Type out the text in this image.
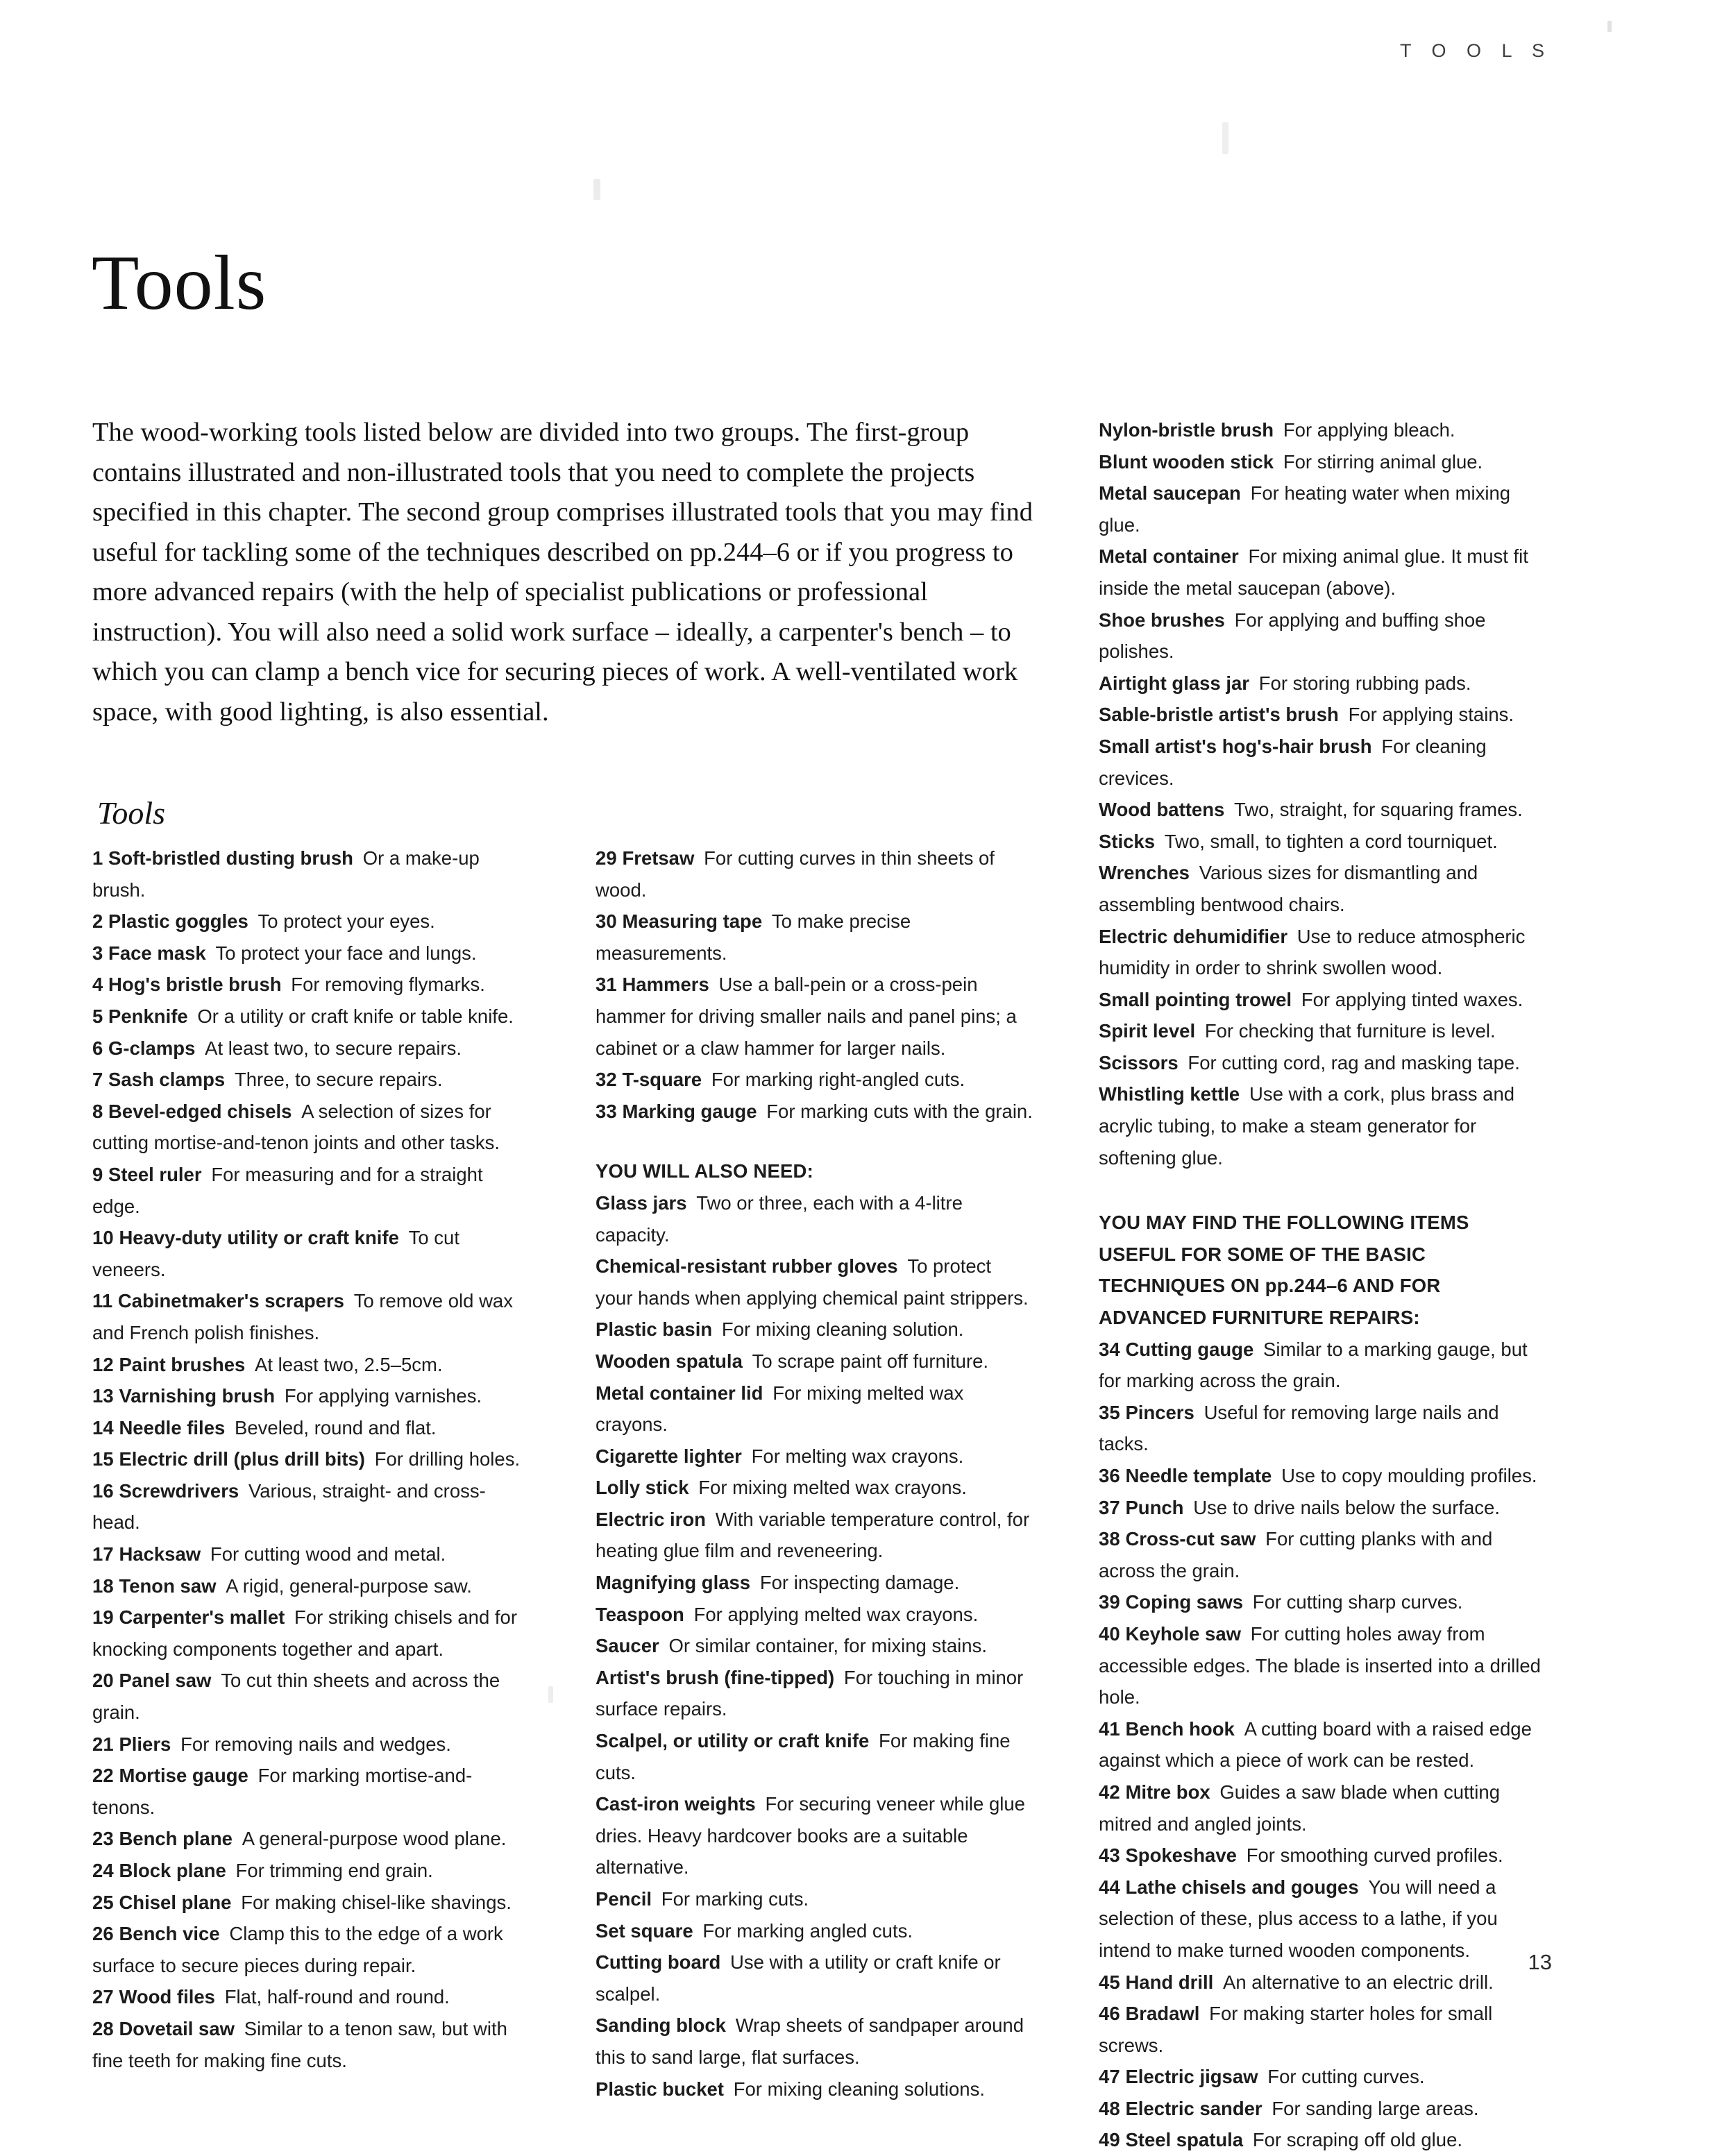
T O O L S
Tools

The wood-working tools listed below are divided into two groups. The first-group contains illustrated and non-illustrated tools that you need to complete the projects specified in this chapter. The second group comprises illustrated tools that you may find useful for tackling some of the techniques described on pp.244–6 or if you progress to more advanced repairs (with the help of specialist publications or professional instruction). You will also need a solid work surface – ideally, a carpenter's bench – to which you can clamp a bench vice for securing pieces of work. A well-ventilated work space, with good lighting, is also essential.

Tools

1 Soft-bristled dusting brush  Or a make-up brush.

2 Plastic goggles  To protect your eyes.

3 Face mask  To protect your face and lungs.

4 Hog's bristle brush  For removing flymarks.

5 Penknife  Or a utility or craft knife or table knife.

6 G-clamps  At least two, to secure repairs.

7 Sash clamps  Three, to secure repairs.

8 Bevel-edged chisels  A selection of sizes for cutting mortise-and-tenon joints and other tasks.

9 Steel ruler  For measuring and for a straight edge.

10 Heavy-duty utility or craft knife  To cut veneers.

11 Cabinetmaker's scrapers  To remove old wax and French polish finishes.

12 Paint brushes  At least two, 2.5–5cm.

13 Varnishing brush  For applying varnishes.

14 Needle files  Beveled, round and flat.

15 Electric drill (plus drill bits)  For drilling holes.

16 Screwdrivers  Various, straight- and cross-head.

17 Hacksaw  For cutting wood and metal.

18 Tenon saw  A rigid, general-purpose saw.

19 Carpenter's mallet  For striking chisels and for knocking components together and apart.

20 Panel saw  To cut thin sheets and across the grain.

21 Pliers  For removing nails and wedges.

22 Mortise gauge  For marking mortise-and-tenons.

23 Bench plane  A general-purpose wood plane.

24 Block plane  For trimming end grain.

25 Chisel plane  For making chisel-like shavings.

26 Bench vice  Clamp this to the edge of a work surface to secure pieces during repair.

27 Wood files  Flat, half-round and round.

28 Dovetail saw  Similar to a tenon saw, but with fine teeth for making fine cuts.

29 Fretsaw  For cutting curves in thin sheets of wood.

30 Measuring tape  To make precise measurements.

31 Hammers  Use a ball-pein or a cross-pein hammer for driving smaller nails and panel pins; a cabinet or a claw hammer for larger nails.

32 T-square  For marking right-angled cuts.

33 Marking gauge  For marking cuts with the grain.

YOU WILL ALSO NEED:

Glass jars  Two or three, each with a 4-litre capacity.

Chemical-resistant rubber gloves  To protect your hands when applying chemical paint strippers.

Plastic basin  For mixing cleaning solution.

Wooden spatula  To scrape paint off furniture.

Metal container lid  For mixing melted wax crayons.

Cigarette lighter  For melting wax crayons.

Lolly stick  For mixing melted wax crayons.

Electric iron  With variable temperature control, for heating glue film and reveneering.

Magnifying glass  For inspecting damage.

Teaspoon  For applying melted wax crayons.

Saucer  Or similar container, for mixing stains.

Artist's brush (fine-tipped)  For touching in minor surface repairs.

Scalpel, or utility or craft knife  For making fine cuts.

Cast-iron weights  For securing veneer while glue dries. Heavy hardcover books are a suitable alternative.

Pencil  For marking cuts.

Set square  For marking angled cuts.

Cutting board  Use with a utility or craft knife or scalpel.

Sanding block  Wrap sheets of sandpaper around this to sand large, flat surfaces.

Plastic bucket  For mixing cleaning solutions.

Nylon-bristle brush  For applying bleach.

Blunt wooden stick  For stirring animal glue.

Metal saucepan  For heating water when mixing glue.

Metal container  For mixing animal glue. It must fit inside the metal saucepan (above).

Shoe brushes  For applying and buffing shoe polishes.

Airtight glass jar  For storing rubbing pads.

Sable-bristle artist's brush  For applying stains.

Small artist's hog's-hair brush  For cleaning crevices.

Wood battens  Two, straight, for squaring frames.

Sticks  Two, small, to tighten a cord tourniquet.

Wrenches  Various sizes for dismantling and assembling bentwood chairs.

Electric dehumidifier  Use to reduce atmospheric humidity in order to shrink swollen wood.

Small pointing trowel  For applying tinted waxes.

Spirit level  For checking that furniture is level.

Scissors  For cutting cord, rag and masking tape.

Whistling kettle  Use with a cork, plus brass and acrylic tubing, to make a steam generator for softening glue.

YOU MAY FIND THE FOLLOWING ITEMS USEFUL FOR SOME OF THE BASIC TECHNIQUES ON pp.244–6 AND FOR ADVANCED FURNITURE REPAIRS:

34 Cutting gauge  Similar to a marking gauge, but for marking across the grain.

35 Pincers  Useful for removing large nails and tacks.

36 Needle template  Use to copy moulding profiles.

37 Punch  Use to drive nails below the surface.

38 Cross-cut saw  For cutting planks with and across the grain.

39 Coping saws  For cutting sharp curves.

40 Keyhole saw  For cutting holes away from accessible edges. The blade is inserted into a drilled hole.

41 Bench hook  A cutting board with a raised edge against which a piece of work can be rested.

42 Mitre box  Guides a saw blade when cutting mitred and angled joints.

43 Spokeshave  For smoothing curved profiles.

44 Lathe chisels and gouges  You will need a selection of these, plus access to a lathe, if you intend to make turned wooden components.

45 Hand drill  An alternative to an electric drill.

46 Bradawl  For making starter holes for small screws.

47 Electric jigsaw  For cutting curves.

48 Electric sander  For sanding large areas.

49 Steel spatula  For scraping off old glue.

13
